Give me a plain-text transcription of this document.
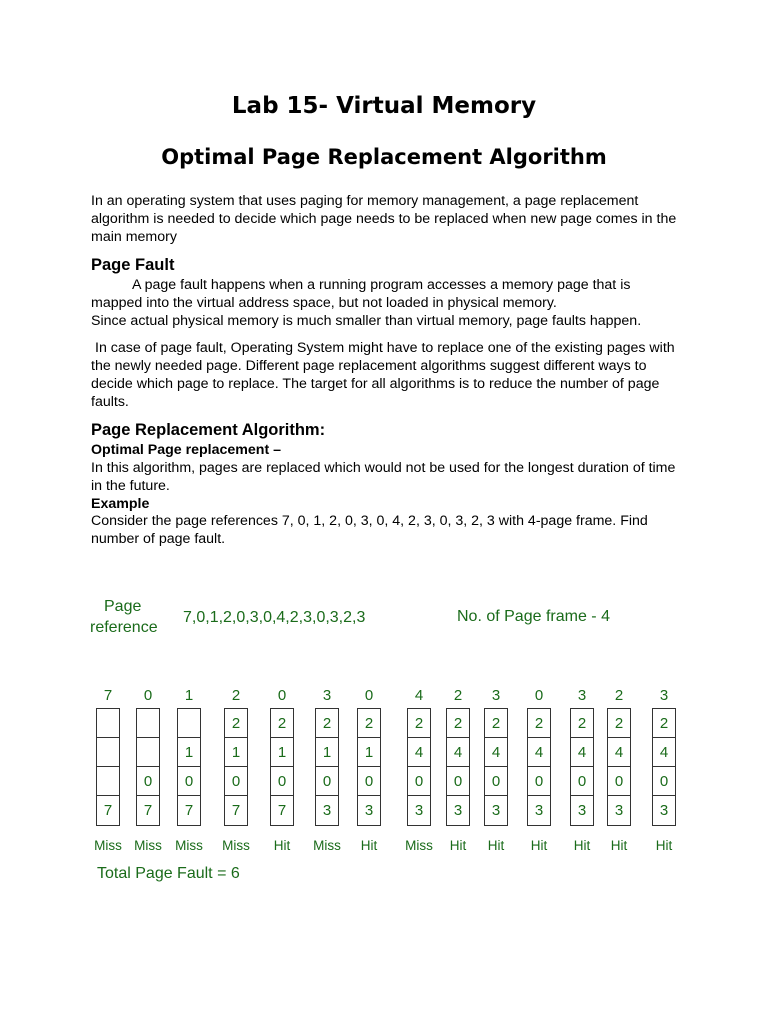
Lab 15- Virtual Memory
Optimal Page Replacement Algorithm

In an operating system that uses paging for memory management, a page replacement algorithm is needed to decide which page needs to be replaced when new page comes in the main memory

Page Fault

A page fault happens when a running program accesses a memory page that is mapped into the virtual address space, but not loaded in physical memory.

Since actual physical memory is much smaller than virtual memory, page faults happen.

In case of page fault, Operating System might have to replace one of the existing pages with the newly needed page. Different page replacement algorithms suggest different ways to decide which page to replace. The target for all algorithms is to reduce the number of page faults.

Page Replacement Algorithm:

Optimal Page replacement –

In this algorithm, pages are replaced which would not be used for the longest duration of time in the future.

Example

Consider the page references 7, 0, 1, 2, 0, 3, 0, 4, 2, 3, 0, 3, 2, 3 with 4-page frame. Find number of page fault.

Page
reference
7,0,1,2,0,3,0,4,2,3,0,3,2,3	No. of Page frame - 4
Total Page Fault = 6
7
7
Miss
0
0
7
Miss
1
1
0
7
Miss
2
2
1
0
7
Miss
0
2
1
0
7
Hit
3
2
1
0
3
Miss
0
2
1
0
3
Hit
4
2
4
0
3
Miss
2
2
4
0
3
Hit
3
2
4
0
3
Hit
0
2
4
0
3
Hit
3
2
4
0
3
Hit
2
2
4
0
3
Hit
3
2
4
0
3
Hit
